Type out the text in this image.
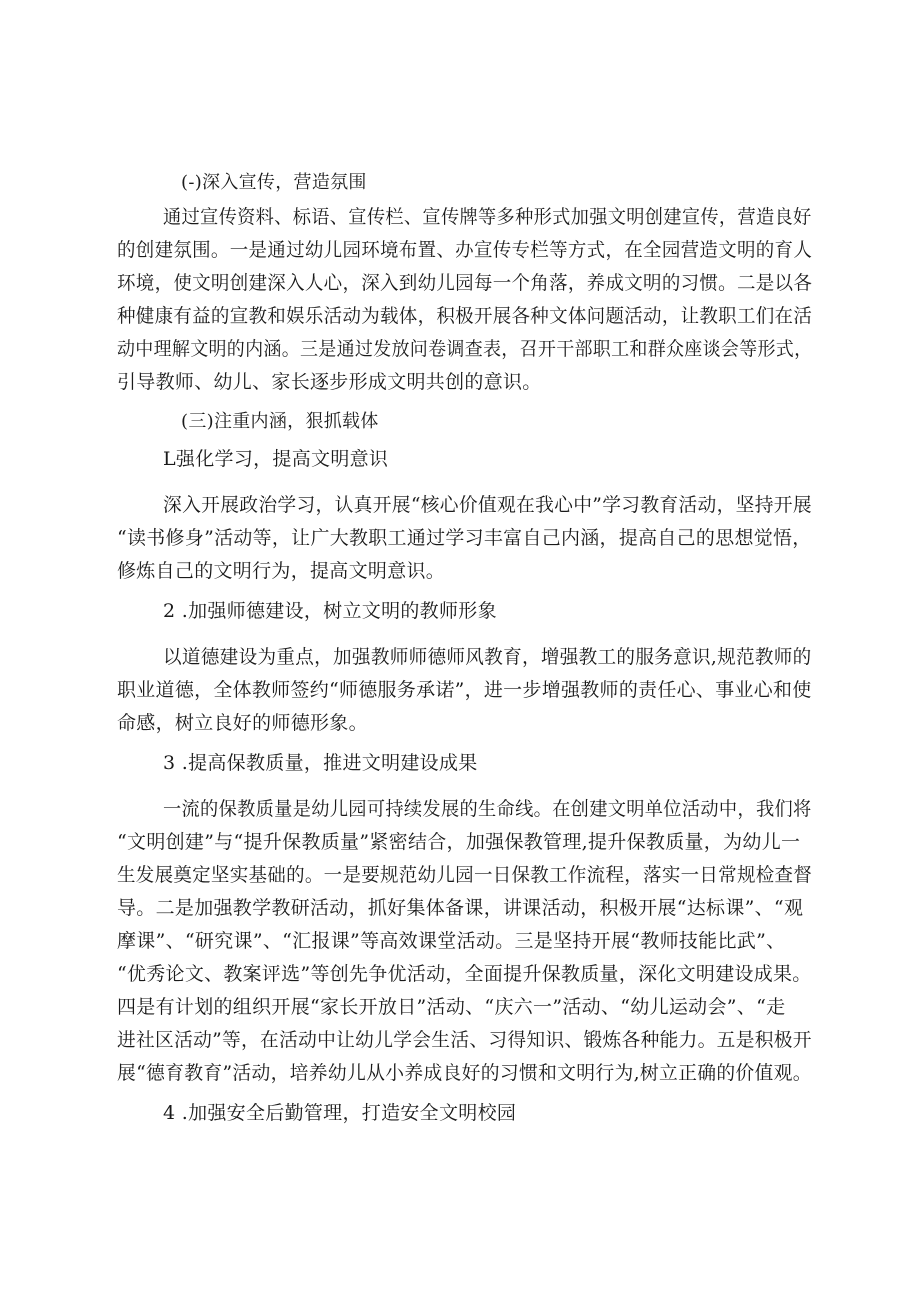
(-)深入宣传，营造氛围
通过宣传资料、标语、宣传栏、宣传牌等多种形式加强文明创建宣传，营造良好
的创建氛围。一是通过幼儿园环境布置、办宣传专栏等方式，在全园营造文明的育人
环境，使文明创建深入人心，深入到幼儿园每一个角落，养成文明的习惯。二是以各
种健康有益的宣教和娱乐活动为载体，积极开展各种文体问题活动，让教职工们在活
动中理解文明的内涵。三是通过发放问卷调查表，召开干部职工和群众座谈会等形式，
引导教师、幼儿、家长逐步形成文明共创的意识。
(三)注重内涵，狠抓载体
L强化学习，提高文明意识
深入开展政治学习，认真开展“核心价值观在我心中”学习教育活动，坚持开展
“读书修身”活动等，让广大教职工通过学习丰富自己内涵，提高自己的思想觉悟，
修炼自己的文明行为，提高文明意识。
2 .加强师德建设，树立文明的教师形象
以道德建设为重点，加强教师师德师风教育，增强教工的服务意识,规范教师的
职业道德，全体教师签约“师德服务承诺”，进一步增强教师的责任心、事业心和使
命感，树立良好的师德形象。
3 .提高保教质量，推进文明建设成果
一流的保教质量是幼儿园可持续发展的生命线。在创建文明单位活动中，我们将
“文明创建”与“提升保教质量”紧密结合，加强保教管理,提升保教质量，为幼儿一
生发展奠定坚实基础的。一是要规范幼儿园一日保教工作流程，落实一日常规检查督
导。二是加强教学教研活动，抓好集体备课，讲课活动，积极开展“达标课”、“观
摩课”、“研究课”、“汇报课”等高效课堂活动。三是坚持开展“教师技能比武”、
“优秀论文、教案评选”等创先争优活动，全面提升保教质量，深化文明建设成果。
四是有计划的组织开展“家长开放日”活动、“庆六一”活动、“幼儿运动会”、“走
进社区活动”等，在活动中让幼儿学会生活、习得知识、锻炼各种能力。五是积极开
展“德育教育”活动，培养幼儿从小养成良好的习惯和文明行为,树立正确的价值观。
4 .加强安全后勤管理，打造安全文明校园
